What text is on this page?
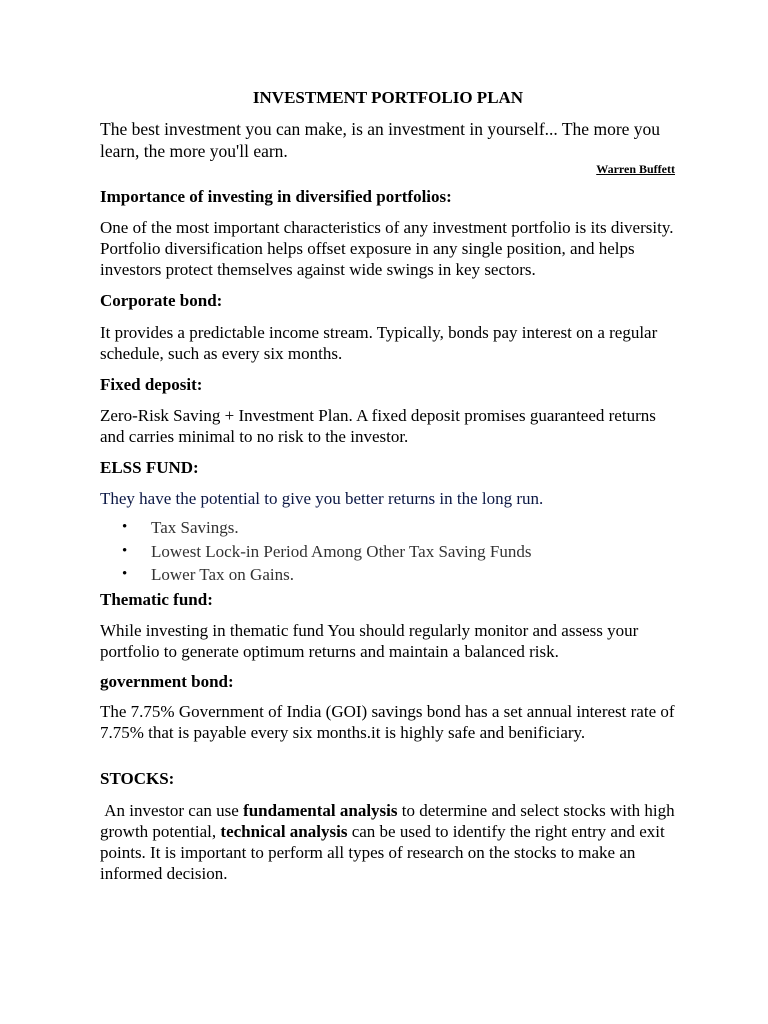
INVESTMENT PORTFOLIO PLAN
The best investment you can make, is an investment in yourself... The more you learn, the more you'll earn.
Warren Buffett
Importance of investing in diversified portfolios:
One of the most important characteristics of any investment portfolio is its diversity. Portfolio diversification helps offset exposure in any single position, and helps investors protect themselves against wide swings in key sectors.
Corporate bond:
It provides a predictable income stream. Typically, bonds pay interest on a regular schedule, such as every six months.
Fixed deposit:
Zero-Risk Saving + Investment Plan. A fixed deposit promises guaranteed returns and carries minimal to no risk to the investor.
ELSS FUND:
They have the potential to give you better returns in the long run.
• Tax Savings.
• Lowest Lock-in Period Among Other Tax Saving Funds
• Lower Tax on Gains.
Thematic fund:
While investing in thematic fund You should regularly monitor and assess your portfolio to generate optimum returns and maintain a balanced risk.
government bond:
The 7.75% Government of India (GOI) savings bond has a set annual interest rate of 7.75% that is payable every six months.it is highly safe and benificiary.
STOCKS:
An investor can use fundamental analysis to determine and select stocks with high growth potential, technical analysis can be used to identify the right entry and exit points. It is important to perform all types of research on the stocks to make an informed decision.
